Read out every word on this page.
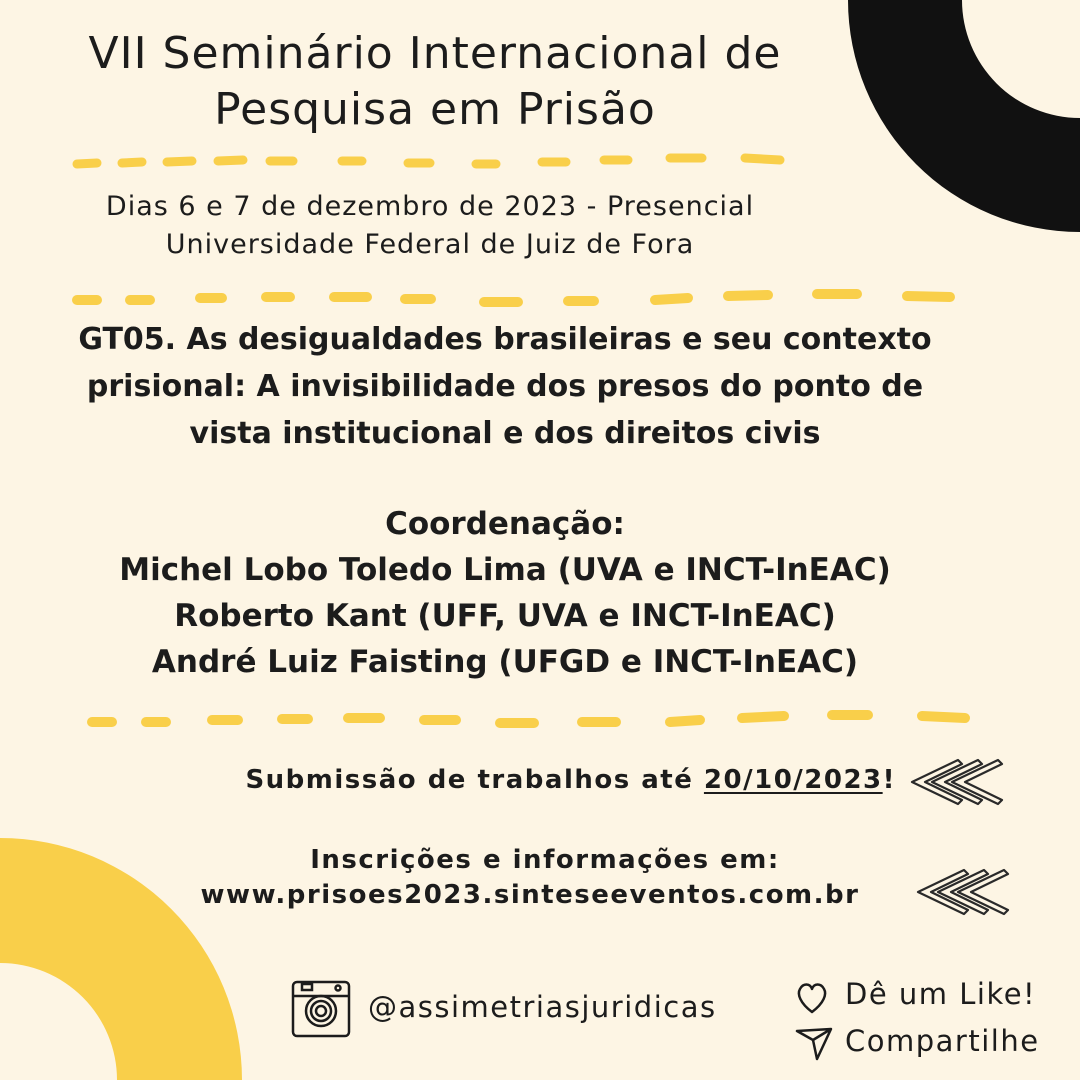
VII Seminário Internacional de
Pesquisa em Prisão
Dias 6 e 7 de dezembro de 2023 - Presencial
Universidade Federal de Juiz de Fora
GT05. As desigualdades brasileiras e seu contexto
prisional: A invisibilidade dos presos do ponto de
vista institucional e dos direitos civis
Coordenação:
Michel Lobo Toledo Lima (UVA e INCT-InEAC)
Roberto Kant (UFF, UVA e INCT-InEAC)
André Luiz Faisting (UFGD e INCT-InEAC)
Submissão de trabalhos até 20/10/2023!
Inscrições e informações em:
www.prisoes2023.sinteseeventos.com.br
@assimetriasjuridicas	Dê um Like!
Compartilhe
